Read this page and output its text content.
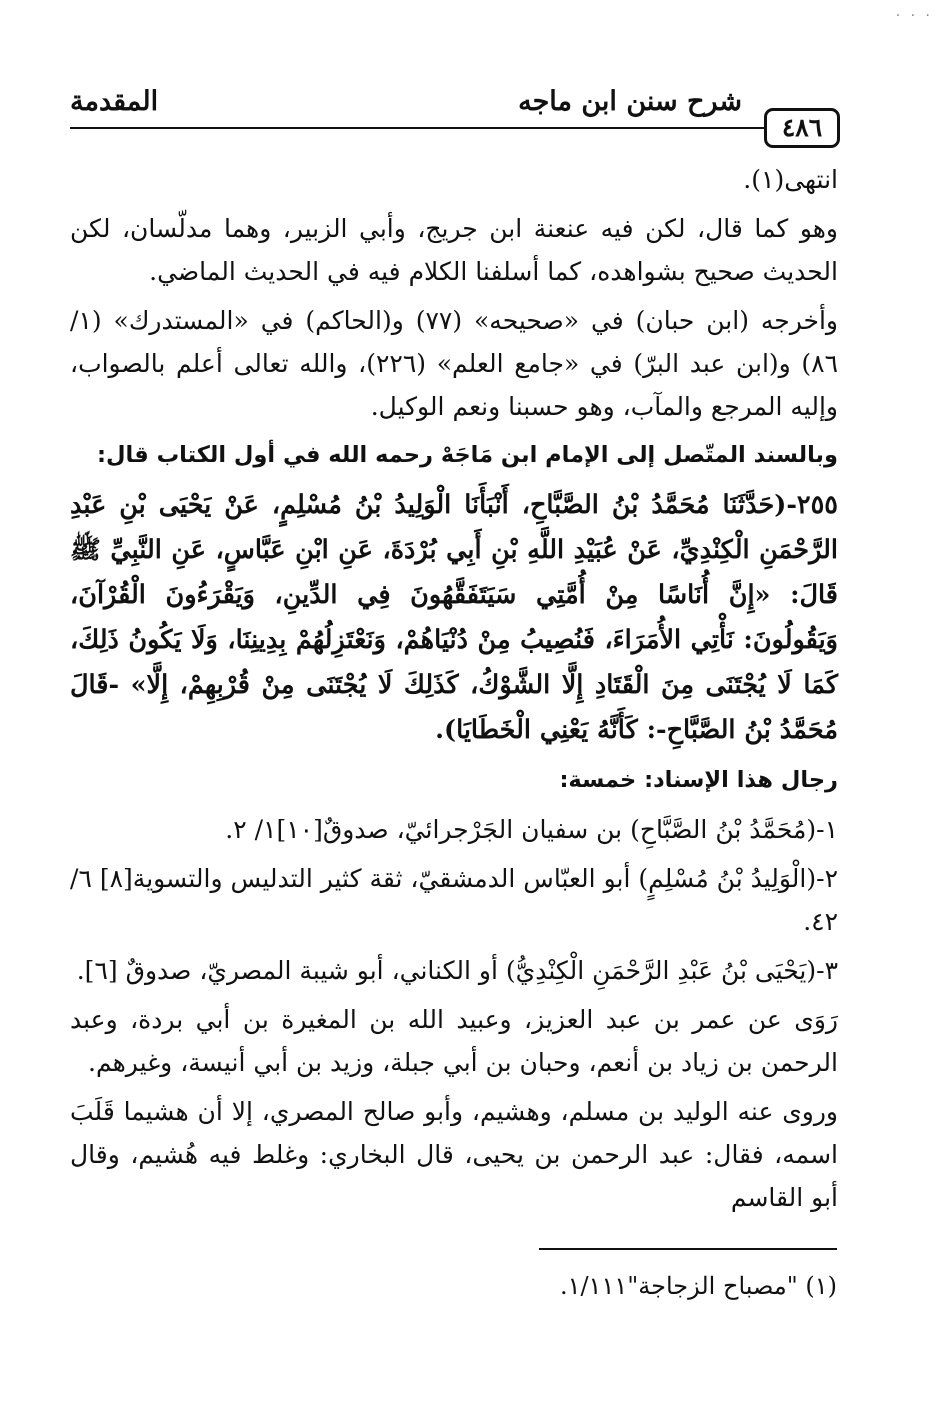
· · ·
شرح سنن ابن ماجه
المقدمة
٤٨٦

انتهى(١).

وهو كما قال، لكن فيه عنعنة ابن جريج، وأبي الزبير، وهما مدلّسان، لكن الحديث صحيح بشواهده، كما أسلفنا الكلام فيه في الحديث الماضي.

وأخرجه (ابن حبان) في «صحيحه» (٧٧) و(الحاكم) في «المستدرك» (١/ ٨٦) و(ابن عبد البرّ) في «جامع العلم» (٢٢٦)، والله تعالى أعلم بالصواب، وإليه المرجع والمآب، وهو حسبنا ونعم الوكيل.

وبالسند المتّصل إلى الإمام ابن مَاجَهْ رحمه الله في أول الكتاب قال:

٢٥٥-(حَدَّثَنَا مُحَمَّدُ بْنُ الصَّبَّاحِ، أَنْبَأَنَا الْوَلِيدُ بْنُ مُسْلِمٍ، عَنْ يَحْيَى بْنِ عَبْدِ الرَّحْمَنِ الْكِنْدِيِّ، عَنْ عُبَيْدِ اللَّهِ بْنِ أَبِي بُرْدَةَ، عَنِ ابْنِ عَبَّاسٍ، عَنِ النَّبِيِّ ﷺ قَالَ: «إِنَّ أُنَاسًا مِنْ أُمَّتِي سَيَتَفَقَّهُونَ فِي الدِّينِ، وَيَقْرَءُونَ الْقُرْآنَ، وَيَقُولُونَ: نَأْتِي الأُمَرَاءَ، فَنُصِيبُ مِنْ دُنْيَاهُمْ، وَنَعْتَزِلُهُمْ بِدِينِنَا، وَلَا يَكُونُ ذَلِكَ، كَمَا لَا يُجْتَنَى مِنَ الْقَتَادِ إِلَّا الشَّوْكُ، كَذَلِكَ لَا يُجْتَنَى مِنْ قُرْبِهِمْ، إِلَّا» -قَالَ مُحَمَّدُ بْنُ الصَّبَّاحِ-: كَأَنَّهُ يَعْنِي الْخَطَايَا).

رجال هذا الإسناد: خمسة:

١-(مُحَمَّدُ بْنُ الصَّبَّاحِ) بن سفيان الجَرْجرائيّ، صدوقٌ[١٠]١/ ٢.

٢-(الْوَلِيدُ بْنُ مُسْلِمٍ) أبو العبّاس الدمشقيّ، ثقة كثير التدليس والتسوية[٨] ٦/ ٤٢.

٣-(يَحْيَى بْنُ عَبْدِ الرَّحْمَنِ الْكِنْدِيُّ) أو الكناني، أبو شيبة المصريّ، صدوقٌ [٦].

رَوَى عن عمر بن عبد العزيز، وعبيد الله بن المغيرة بن أبي بردة، وعبد الرحمن بن زياد بن أنعم، وحبان بن أبي جبلة، وزيد بن أبي أنيسة، وغيرهم.

وروى عنه الوليد بن مسلم، وهشيم، وأبو صالح المصري، إلا أن هشيما قَلَبَ اسمه، فقال: عبد الرحمن بن يحيى، قال البخاري: وغلط فيه هُشيم، وقال أبو القاسم

(١) "مصباح الزجاجة"١/١١١.
